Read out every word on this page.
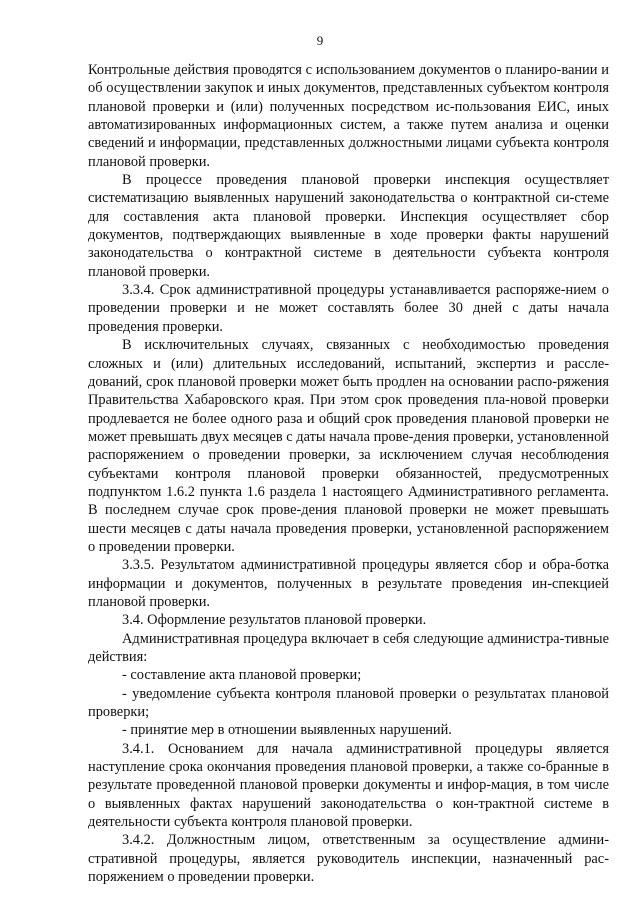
9

Контрольные действия проводятся с использованием документов о планиро-вании и об осуществлении закупок и иных документов, представленных субъектом контроля плановой проверки и (или) полученных посредством ис-пользования ЕИС, иных автоматизированных информационных систем, а также путем анализа и оценки сведений и информации, представленных должностными лицами субъекта контроля плановой проверки.

В процессе проведения плановой проверки инспекция осуществляет систематизацию выявленных нарушений законодательства о контрактной си-стеме для составления акта плановой проверки. Инспекция осуществляет сбор документов, подтверждающих выявленные в ходе проверки факты нарушений законодательства о контрактной системе в деятельности субъекта контроля плановой проверки.

3.3.4. Срок административной процедуры устанавливается распоряже-нием о проведении проверки и не может составлять более 30 дней с даты начала проведения проверки.

В исключительных случаях, связанных с необходимостью проведения сложных и (или) длительных исследований, испытаний, экспертиз и рассле-дований, срок плановой проверки может быть продлен на основании распо-ряжения Правительства Хабаровского края. При этом срок проведения пла-новой проверки продлевается не более одного раза и общий срок проведения плановой проверки не может превышать двух месяцев с даты начала прове-дения проверки, установленной распоряжением о проведении проверки, за исключением случая несоблюдения субъектами контроля плановой проверки обязанностей, предусмотренных подпунктом 1.6.2 пункта 1.6 раздела 1 настоящего Административного регламента. В последнем случае срок прове-дения плановой проверки не может превышать шести месяцев с даты начала проведения проверки, установленной распоряжением о проведении проверки.

3.3.5. Результатом административной процедуры является сбор и обра-ботка информации и документов, полученных в результате проведения ин-спекцией плановой проверки.

3.4. Оформление результатов плановой проверки.

Административная процедура включает в себя следующие администра-тивные действия:

- составление акта плановой проверки;

- уведомление субъекта контроля плановой проверки о результатах плановой проверки;

- принятие мер в отношении выявленных нарушений.

3.4.1. Основанием для начала административной процедуры является наступление срока окончания проведения плановой проверки, а также со-бранные в результате проведенной плановой проверки документы и инфор-мация, в том числе о выявленных фактах нарушений законодательства о кон-трактной системе в деятельности субъекта контроля плановой проверки.

3.4.2. Должностным лицом, ответственным за осуществление админи-стративной процедуры, является руководитель инспекции, назначенный рас-поряжением о проведении проверки.
